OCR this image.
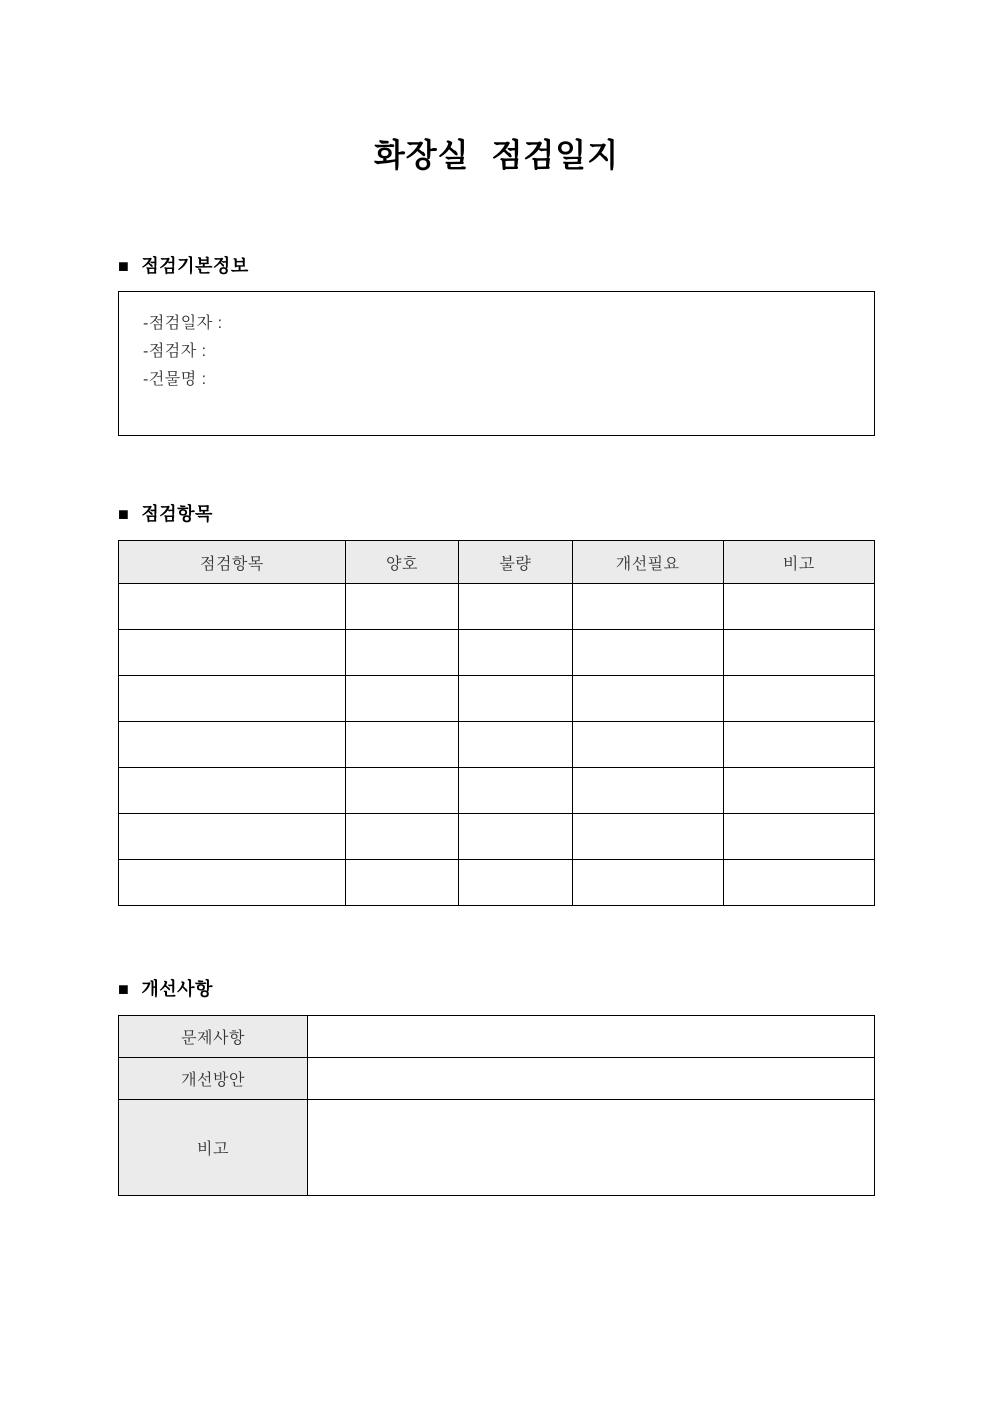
화장실 점검일지
■ 점검기본정보
-점검일자 :
-점검자 :
-건물명 :
■ 점검항목
점검항목	양호	불량	개선필요	비고

■ 개선사항
문제사항	
개선방안	
비고	
